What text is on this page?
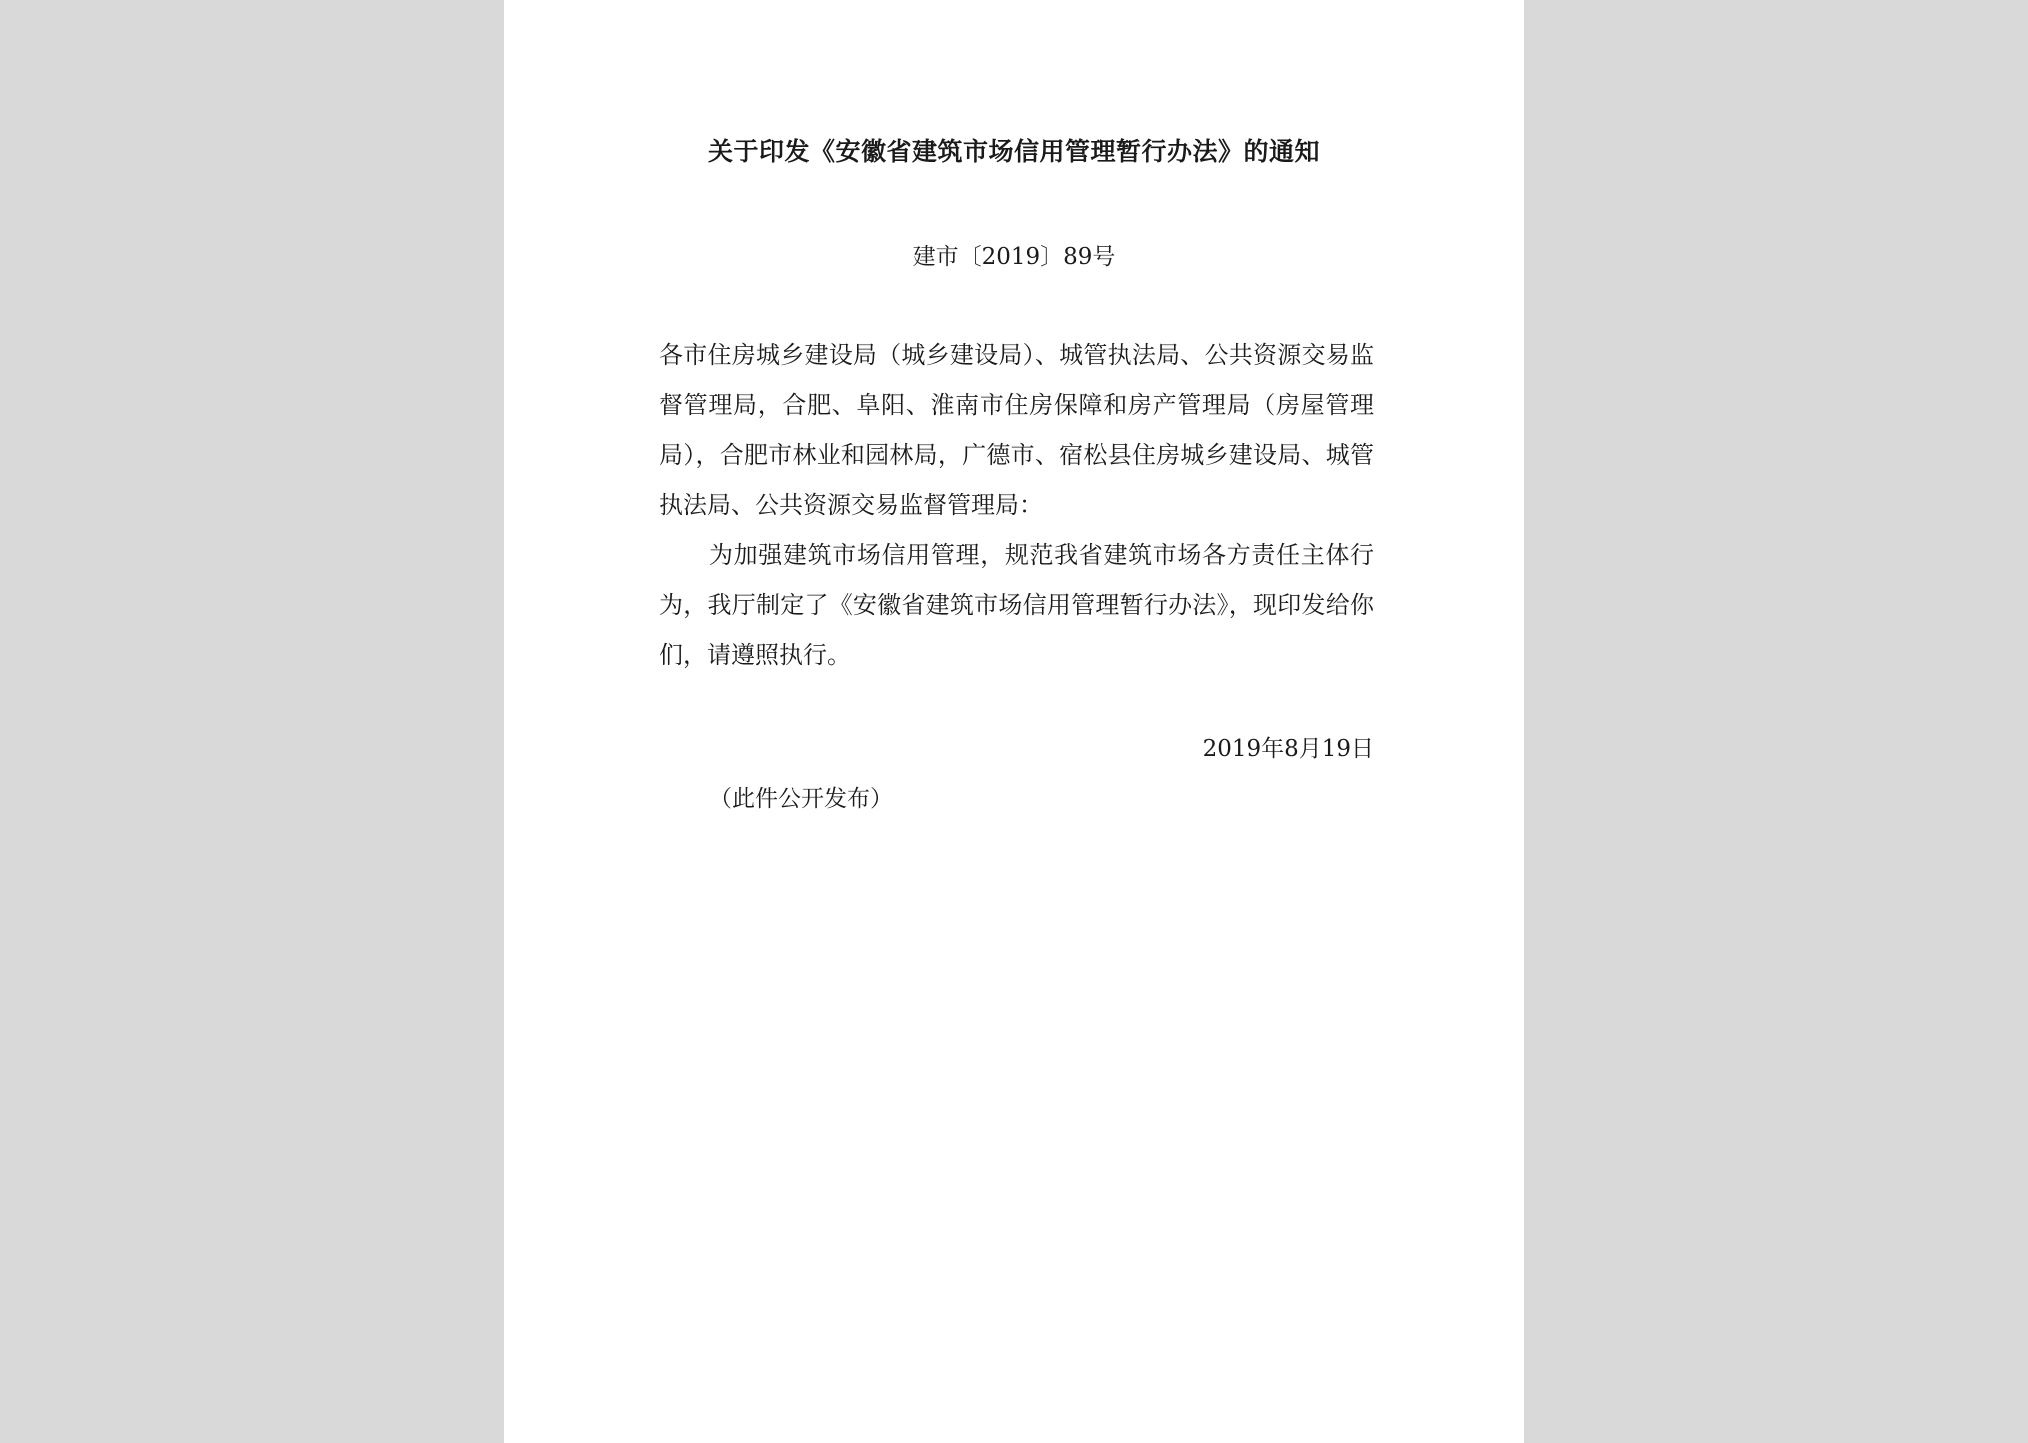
关于印发《安徽省建筑市场信用管理暂行办法》的通知
建市〔2019〕89号
各市住房城乡建设局（城乡建设局）、城管执法局、公共资源交易监督管理局，合肥、阜阳、淮南市住房保障和房产管理局（房屋管理局），合肥市林业和园林局，广德市、宿松县住房城乡建设局、城管执法局、公共资源交易监督管理局：
为加强建筑市场信用管理，规范我省建筑市场各方责任主体行为，我厅制定了《安徽省建筑市场信用管理暂行办法》，现印发给你们，请遵照执行。
2019年8月19日
（此件公开发布）
